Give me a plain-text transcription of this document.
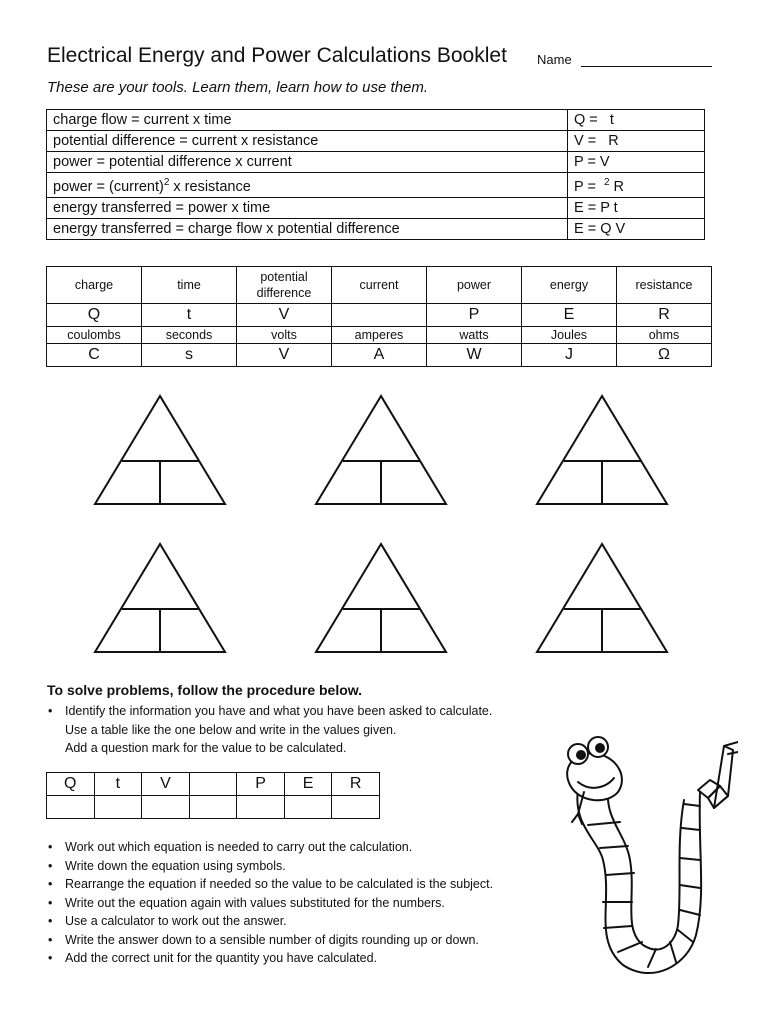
Electrical Energy and Power Calculations Booklet Name
These are your tools. Learn them, learn how to use them.
charge flow = current x time	Q =   t
potential difference = current x resistance	V =   R
power = potential difference x current	P = V
power = (current)$^2$ x resistance	P =  $^2$ R
energy transferred = power x time	E = P t
energy transferred = charge flow x potential difference	E = Q V
charge	time	potential difference	current	power	energy	resistance
Q	t	V		P	E	R
coulombs	seconds	volts	amperes	watts	Joules	ohms
C	s	V	A	W	J	Ω
To solve problems, follow the procedure below.
• Identify the information you have and what you have been asked to calculate.
Use a table like the one below and write in the values given.
Add a question mark for the value to be calculated.
Q	t	V		P	E	R

• Work out which equation is needed to carry out the calculation.
• Write down the equation using symbols.
• Rearrange the equation if needed so the value to be calculated is the subject.
• Write out the equation again with values substituted for the numbers.
• Use a calculator to work out the answer.
• Write the answer down to a sensible number of digits rounding up or down.
• Add the correct unit for the quantity you have calculated.
